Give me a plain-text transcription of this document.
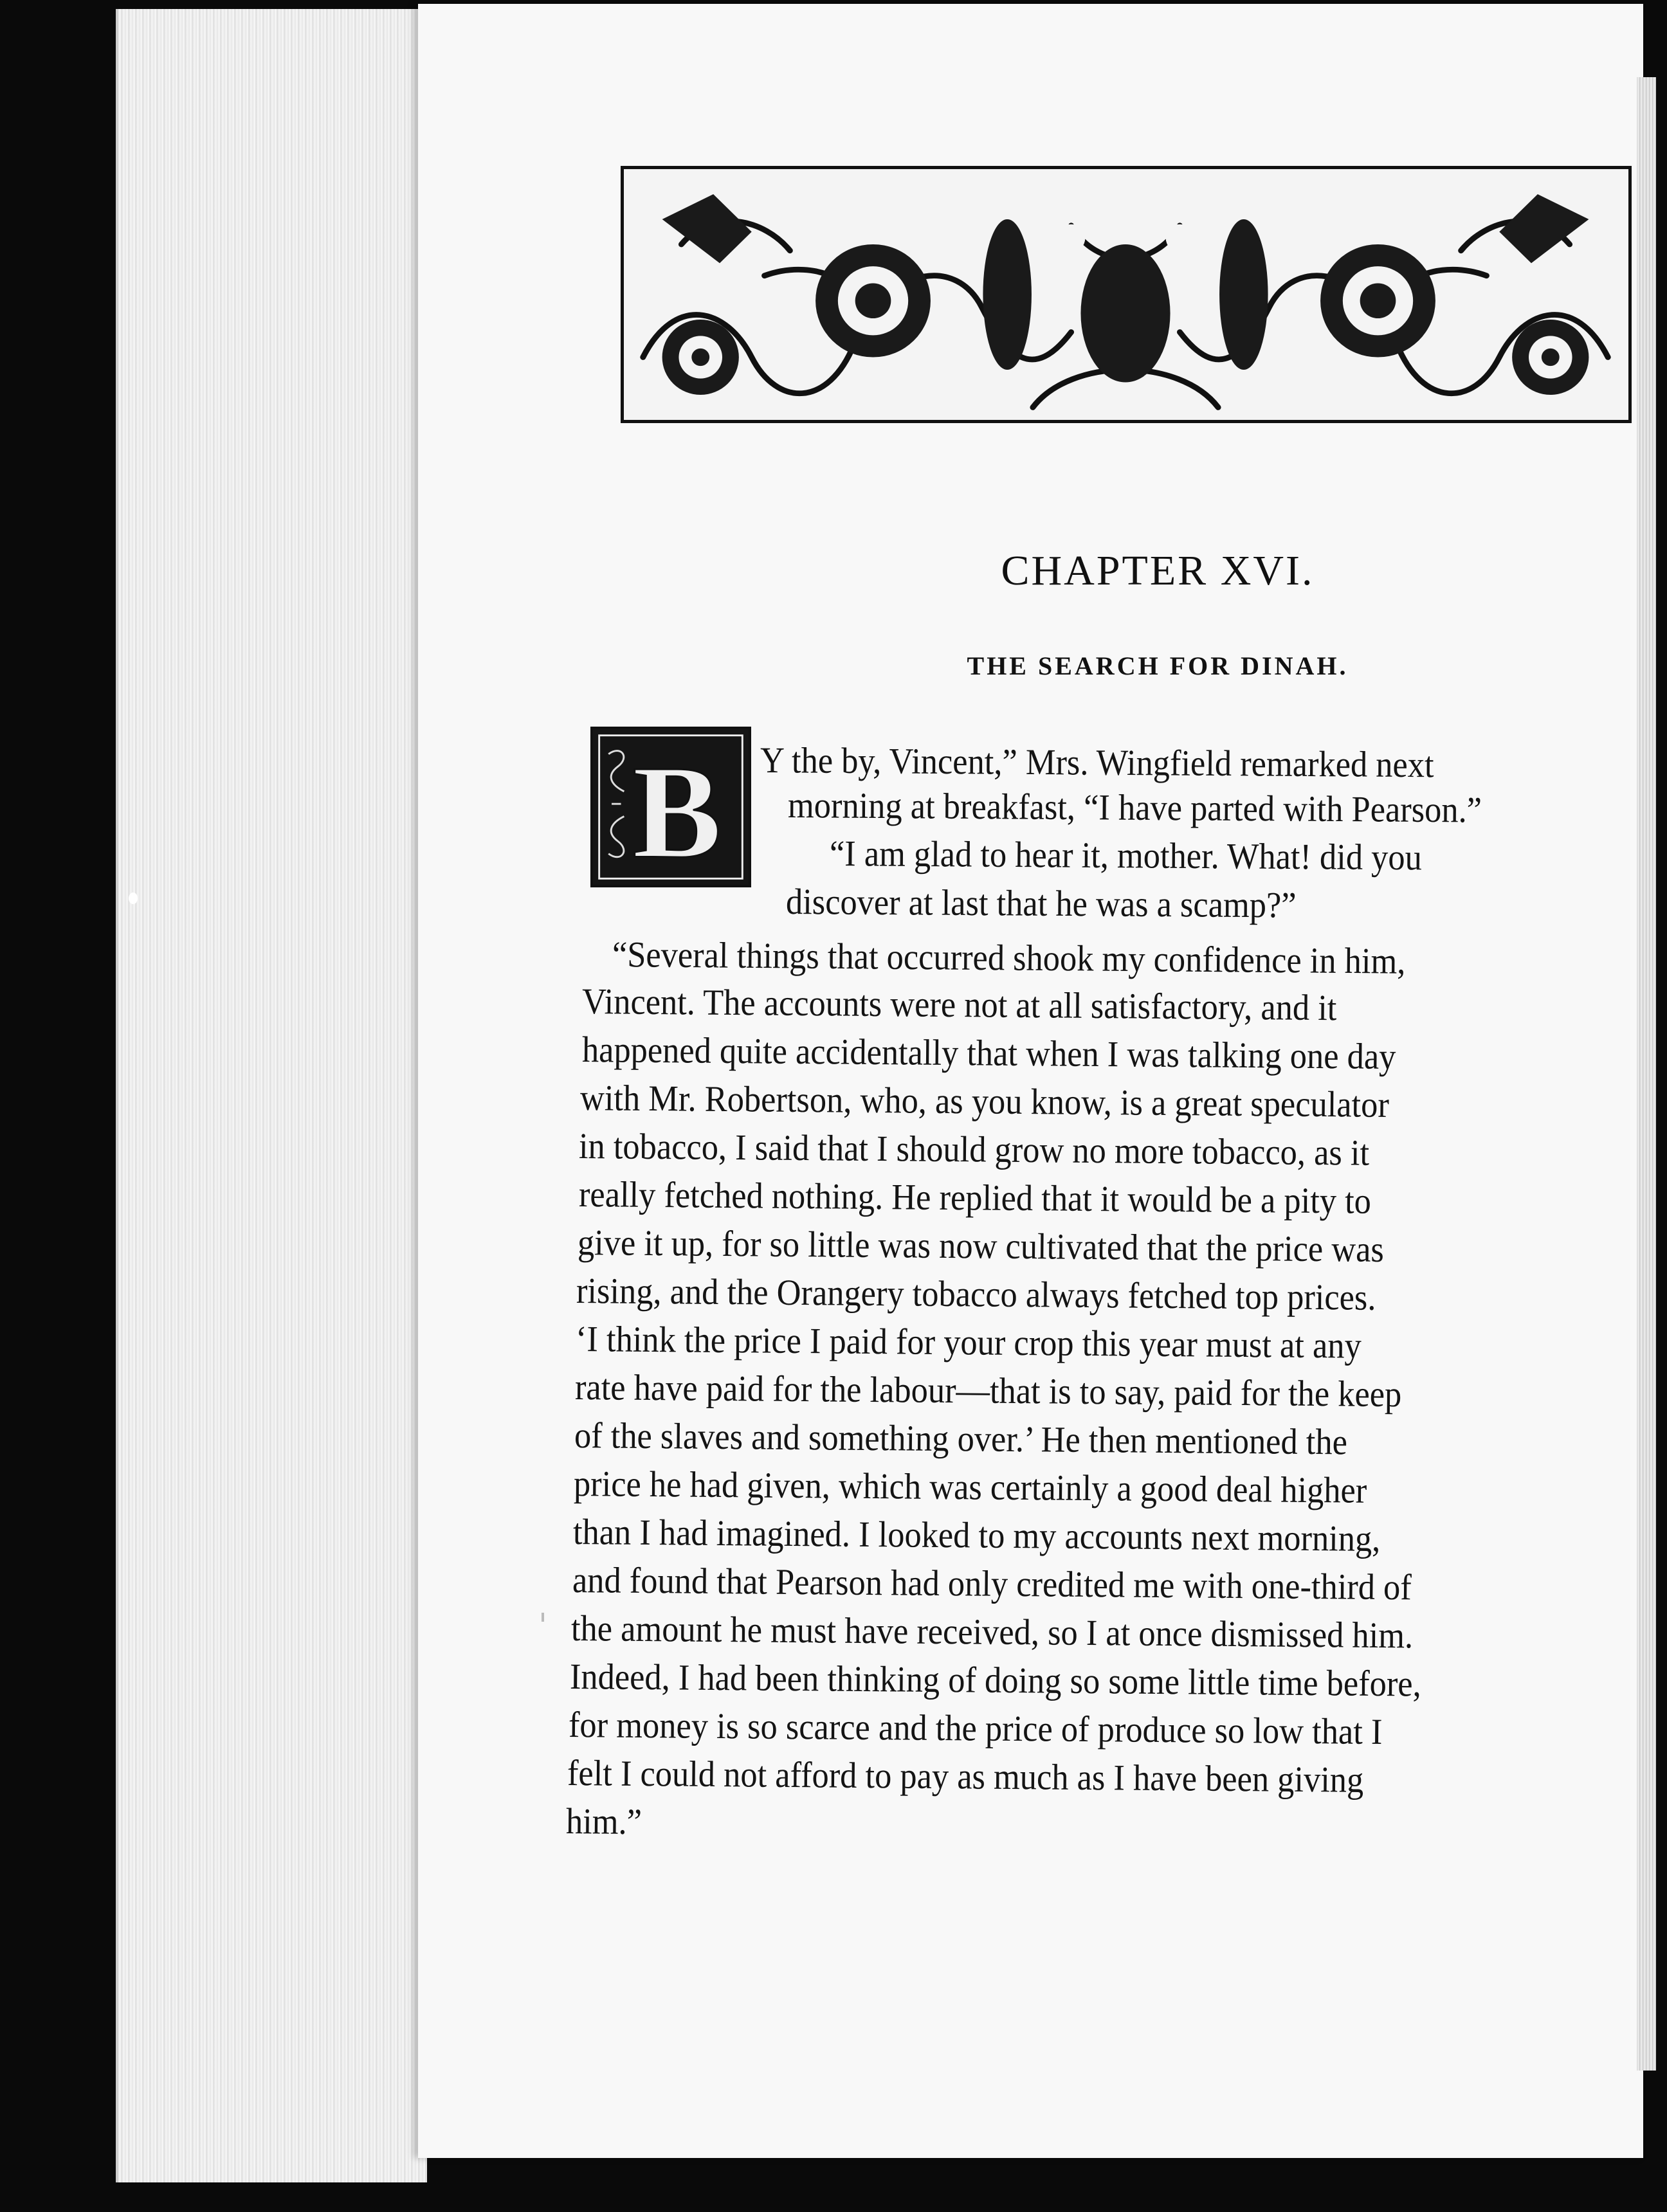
CHAPTER XVI.
THE SEARCH FOR DINAH.
B Y the by, Vincent,” Mrs. Wingfield remarked next
morning at breakfast, “I have parted with Pearson.”
“I am glad to hear it, mother. What! did you
discover at last that he was a scamp?”
“Several things that occurred shook my confidence in him,
Vincent. The accounts were not at all satisfactory, and it
happened quite accidentally that when I was talking one day
with Mr. Robertson, who, as you know, is a great speculator
in tobacco, I said that I should grow no more tobacco, as it
really fetched nothing. He replied that it would be a pity to
give it up, for so little was now cultivated that the price was
rising, and the Orangery tobacco always fetched top prices.
‘I think the price I paid for your crop this year must at any
rate have paid for the labour—that is to say, paid for the keep
of the slaves and something over.’ He then mentioned the
price he had given, which was certainly a good deal higher
than I had imagined. I looked to my accounts next morning,
and found that Pearson had only credited me with one-third of
the amount he must have received, so I at once dismissed him.
Indeed, I had been thinking of doing so some little time before,
for money is so scarce and the price of produce so low that I
felt I could not afford to pay as much as I have been giving
him.”
